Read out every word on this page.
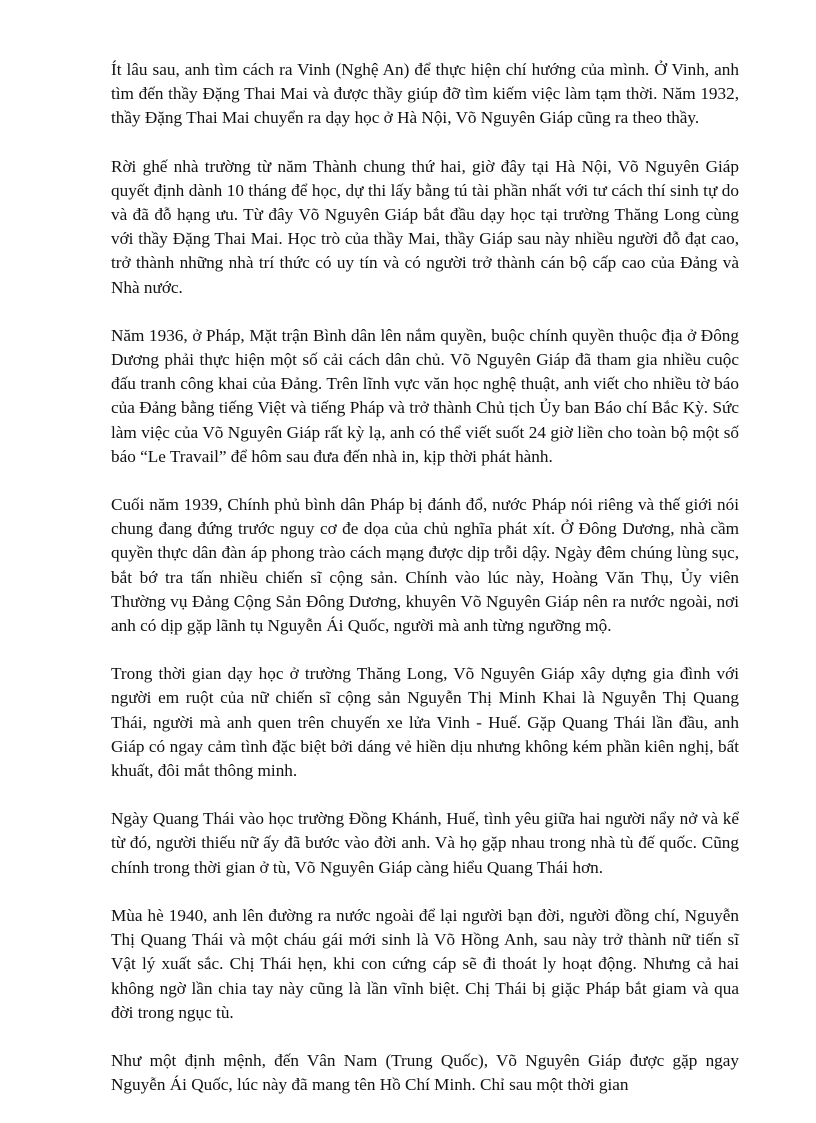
Ít lâu sau, anh tìm cách ra Vinh (Nghệ An) để thực hiện chí hướng của mình. Ở Vinh, anh tìm đến thầy Đặng Thai Mai và được thầy giúp đỡ tìm kiếm việc làm tạm thời. Năm 1932, thầy Đặng Thai Mai chuyển ra dạy học ở Hà Nội, Võ Nguyên Giáp cũng ra theo thầy.

Rời ghế nhà trường từ năm Thành chung thứ hai, giờ đây tại Hà Nội, Võ Nguyên Giáp quyết định dành 10 tháng để học, dự thi lấy bằng tú tài phần nhất với tư cách thí sinh tự do và đã đỗ hạng ưu. Từ đây Võ Nguyên Giáp bắt đầu dạy học tại trường Thăng Long cùng với thầy Đặng Thai Mai. Học trò của thầy Mai, thầy Giáp sau này nhiều người đỗ đạt cao, trở thành những nhà trí thức có uy tín và có người trở thành cán bộ cấp cao của Đảng và Nhà nước.

Năm 1936, ở Pháp, Mặt trận Bình dân lên nắm quyền, buộc chính quyền thuộc địa ở Đông Dương phải thực hiện một số cải cách dân chủ. Võ Nguyên Giáp đã tham gia nhiều cuộc đấu tranh công khai của Đảng. Trên lĩnh vực văn học nghệ thuật, anh viết cho nhiều tờ báo của Đảng bằng tiếng Việt và tiếng Pháp và trở thành Chủ tịch Ủy ban Báo chí Bắc Kỳ. Sức làm việc của Võ Nguyên Giáp rất kỳ lạ, anh có thể viết suốt 24 giờ liền cho toàn bộ một số báo “Le Travail” để hôm sau đưa đến nhà in, kịp thời phát hành.

Cuối năm 1939, Chính phủ bình dân Pháp bị đánh đổ, nước Pháp nói riêng và thế giới nói chung đang đứng trước nguy cơ đe dọa của chủ nghĩa phát xít. Ở Đông Dương, nhà cầm quyền thực dân đàn áp phong trào cách mạng được dịp trỗi dậy. Ngày đêm chúng lùng sục, bắt bớ tra tấn nhiều chiến sĩ cộng sản. Chính vào lúc này, Hoàng Văn Thụ, Ủy viên Thường vụ Đảng Cộng Sản Đông Dương, khuyên Võ Nguyên Giáp nên ra nước ngoài, nơi anh có dịp gặp lãnh tụ Nguyễn Ái Quốc, người mà anh từng ngưỡng mộ.

Trong thời gian dạy học ở trường Thăng Long, Võ Nguyên Giáp xây dựng gia đình với người em ruột của nữ chiến sĩ cộng sản Nguyễn Thị Minh Khai là Nguyễn Thị Quang Thái, người mà anh quen trên chuyến xe lửa Vinh - Huế. Gặp Quang Thái lần đầu, anh Giáp có ngay cảm tình đặc biệt bởi dáng vẻ hiền dịu nhưng không kém phần kiên nghị, bất khuất, đôi mắt thông minh.

Ngày Quang Thái vào học trường Đồng Khánh, Huế, tình yêu giữa hai người nẩy nở và kể từ đó, người thiếu nữ ấy đã bước vào đời anh. Và họ gặp nhau trong nhà tù đế quốc. Cũng chính trong thời gian ở tù, Võ Nguyên Giáp càng hiểu Quang Thái hơn.

Mùa hè 1940, anh lên đường ra nước ngoài để lại người bạn đời, người đồng chí, Nguyễn Thị Quang Thái và một cháu gái mới sinh là Võ Hồng Anh, sau này trở thành nữ tiến sĩ Vật lý xuất sắc. Chị Thái hẹn, khi con cứng cáp sẽ đi thoát ly hoạt động. Nhưng cả hai không ngờ lần chia tay này cũng là lần vĩnh biệt. Chị Thái bị giặc Pháp bắt giam và qua đời trong ngục tù.

Như một định mệnh, đến Vân Nam (Trung Quốc), Võ Nguyên Giáp được gặp ngay Nguyễn Ái Quốc, lúc này đã mang tên Hồ Chí Minh. Chỉ sau một thời gian
